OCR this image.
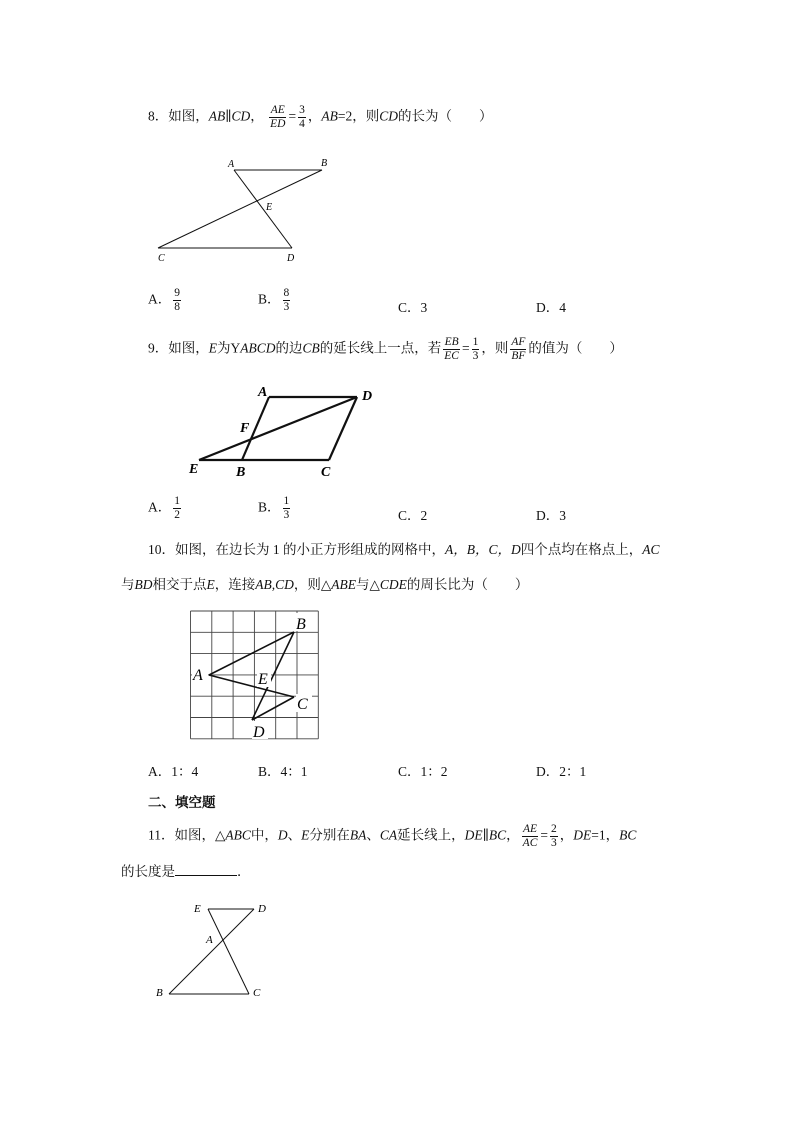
8．如图，AB∥CD， $\frac{AE}{ED} = \frac{3}{4}$ ，AB=2，则CD的长为（　　）
A	B
E
C	D
A． $\frac{9}{8}$	B． $\frac{8}{3}$	C．3	D．4
9．如图，E为YABCD的边CB的延长线上一点，若 $\frac{EB}{EC} = \frac{1}{3}$ ，则 $\frac{AF}{BF}$ 的值为（　　）
A	D
F
E	B	C
A． $\frac{1}{2}$	B． $\frac{1}{3}$	C．2	D．3
10．如图，在边长为 1 的小正方形组成的网格中，A，B，C，D四个点均在格点上，AC
与BD相交于点E，连接AB,CD，则△ABE与△CDE的周长比为（　　）
A
B
E
C
D
A．1：4	B．4：1	C．1：2	D．2：1
二、填空题
11．如图，△ABC中，D、E分别在BA、CA延长线上，DE∥BC， $\frac{AE}{AC} = \frac{2}{3}$ ，DE=1，BC
的长度是	．
E	D
A
B	C
